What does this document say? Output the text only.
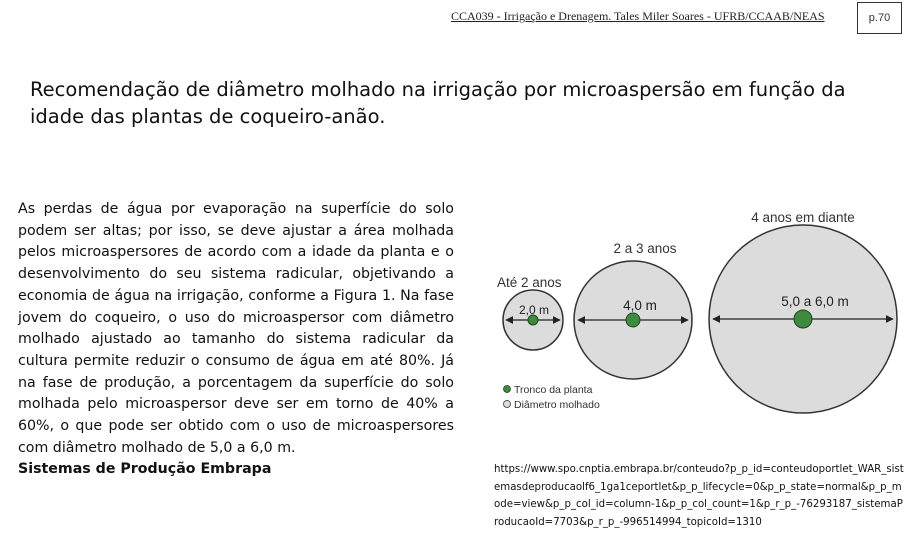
CCA039 - Irrigação e Drenagem. Tales Miler Soares - UFRB/CCAAB/NEAS	p.70
Recomendação de diâmetro molhado na irrigação por microaspersão em função da idade das plantas de coqueiro-anão.
As perdas de água por evaporação na superfície do solo podem ser altas; por isso, se deve ajustar a área molhada pelos microaspersores de acordo com a idade da planta e o desenvolvimento do seu sistema radicular, objetivando a economia de água na irrigação, conforme a Figura 1. Na fase jovem do coqueiro, o uso do microaspersor com diâmetro molhado ajustado ao tamanho do sistema radicular da cultura permite reduzir o consumo de água em até 80%. Já na fase de produção, a porcentagem da superfície do solo molhada pelo microaspersor deve ser em torno de 40% a 60%, o que pode ser obtido com o uso de microaspersores com diâmetro molhado de 5,0 a 6,0 m.
Sistemas de Produção Embrapa
4 anos em diante
5,0 a 6,0 m
2 a 3 anos
4,0 m
Até 2 anos
2,0 m
Tronco da planta
Diâmetro molhado
https://www.spo.cnptia.embrapa.br/conteudo?p_p_id=conteudoportlet_WAR_sistemasdeproducaolf6_1ga1ceportlet&p_p_lifecycle=0&p_p_state=normal&p_p_mode=view&p_p_col_id=column-1&p_p_col_count=1&p_r_p_-76293187_sistemaProducaoId=7703&p_r_p_-996514994_topicoId=1310
